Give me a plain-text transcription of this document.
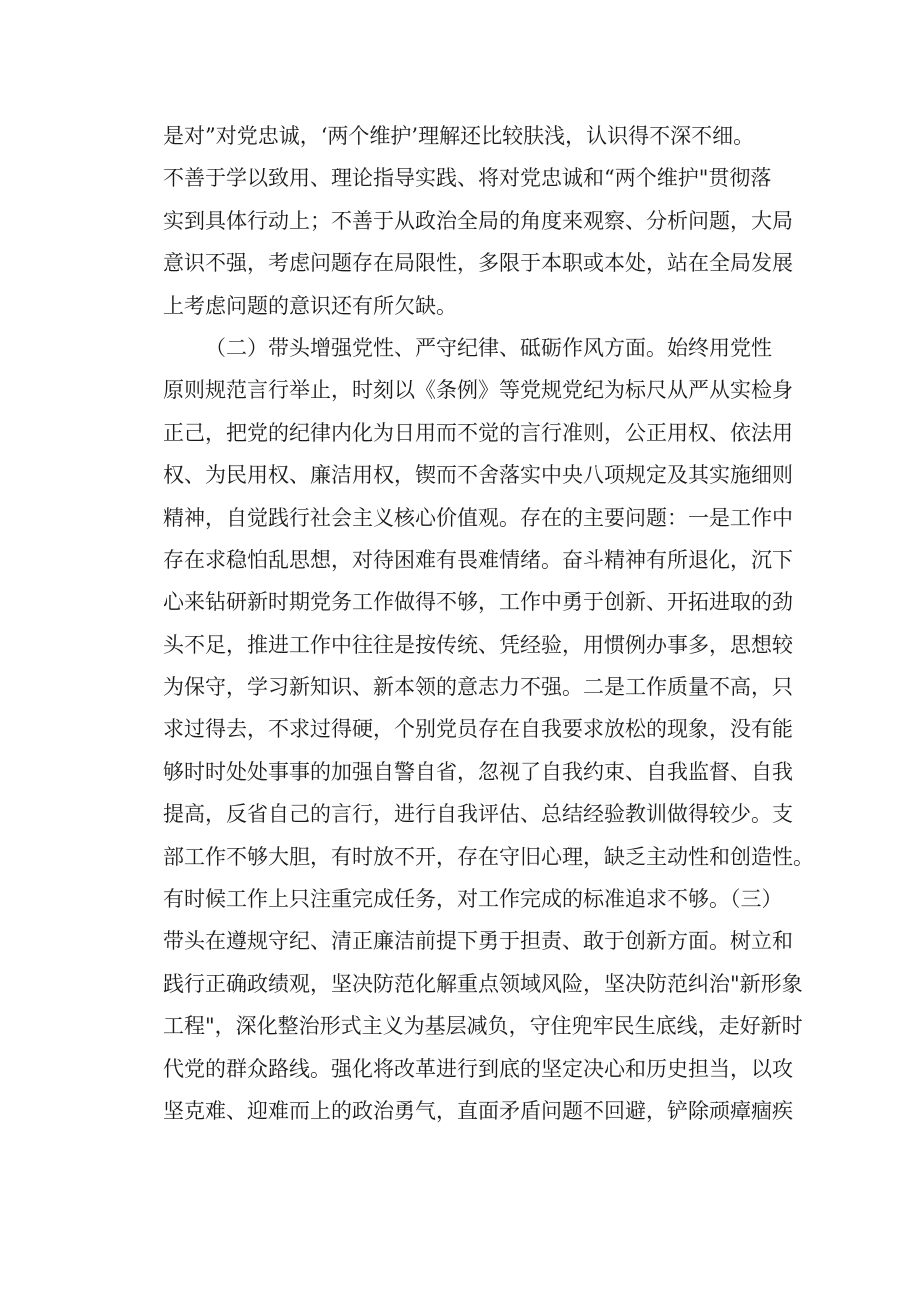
是对”对党忠诚，‘两个维护’理解还比较肤浅，认识得不深不细。
不善于学以致用、理论指导实践、将对党忠诚和“两个维护"贯彻落
实到具体行动上；不善于从政治全局的角度来观察、分析问题，大局
意识不强，考虑问题存在局限性，多限于本职或本处，站在全局发展
上考虑问题的意识还有所欠缺。
（二）带头增强党性、严守纪律、砥砺作风方面。始终用党性
原则规范言行举止，时刻以《条例》等党规党纪为标尺从严从实检身
正己，把党的纪律内化为日用而不觉的言行准则，公正用权、依法用
权、为民用权、廉洁用权，锲而不舍落实中央八项规定及其实施细则
精神，自觉践行社会主义核心价值观。存在的主要问题：一是工作中
存在求稳怕乱思想，对待困难有畏难情绪。奋斗精神有所退化，沉下
心来钻研新时期党务工作做得不够，工作中勇于创新、开拓进取的劲
头不足，推进工作中往往是按传统、凭经验，用惯例办事多，思想较
为保守，学习新知识、新本领的意志力不强。二是工作质量不高，只
求过得去，不求过得硬，个别党员存在自我要求放松的现象，没有能
够时时处处事事的加强自警自省，忽视了自我约束、自我监督、自我
提高，反省自己的言行，进行自我评估、总结经验教训做得较少。支
部工作不够大胆，有时放不开，存在守旧心理，缺乏主动性和创造性。
有时候工作上只注重完成任务，对工作完成的标准追求不够。（三）
带头在遵规守纪、清正廉洁前提下勇于担责、敢于创新方面。树立和
践行正确政绩观，坚决防范化解重点领域风险，坚决防范纠治"新形象
工程"，深化整治形式主义为基层减负，守住兜牢民生底线，走好新时
代党的群众路线。强化将改革进行到底的坚定决心和历史担当，以攻
坚克难、迎难而上的政治勇气，直面矛盾问题不回避，铲除顽瘴痼疾
